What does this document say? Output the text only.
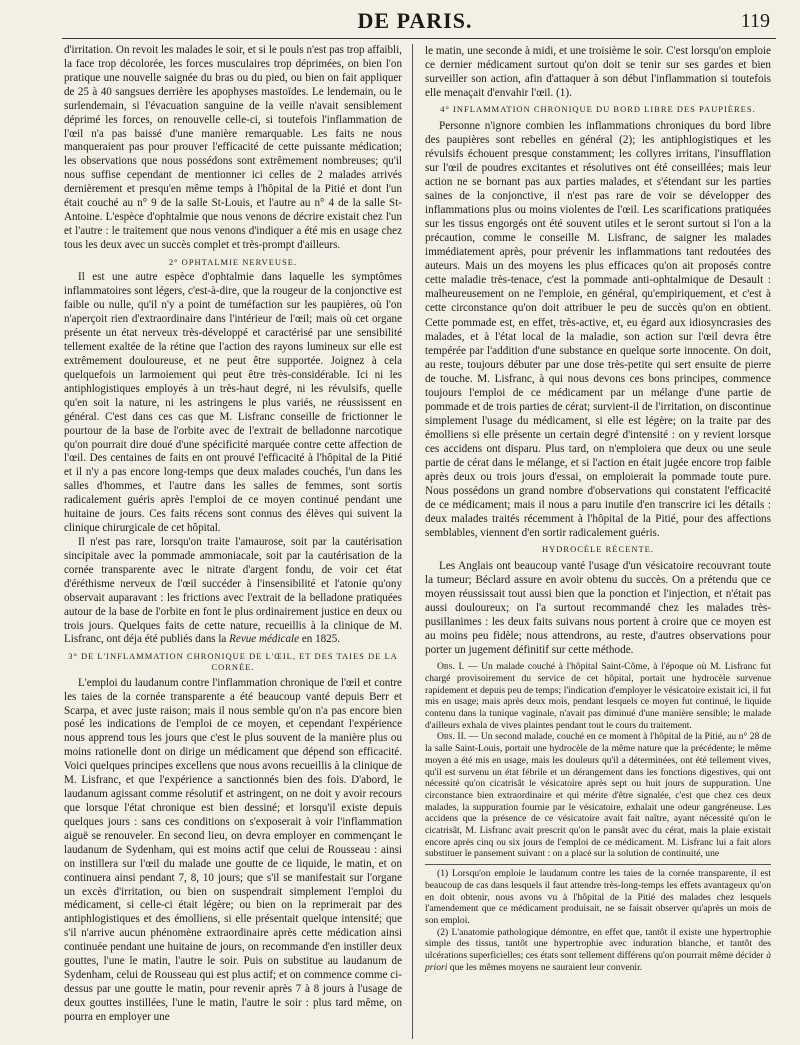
DE PARIS.	119

d'irritation. On revoit les malades le soir, et si le pouls n'est pas trop affaibli, la face trop décolorée, les forces musculaires trop déprimées, on bien l'on pratique une nouvelle saignée du bras ou du pied, ou bien on fait appliquer de 25 à 40 sangsues derrière les apophyses mastoïdes. Le lendemain, ou le surlendemain, si l'évacuation sanguine de la veille n'avait sensiblement déprimé les forces, on renouvelle celle-ci, si toutefois l'inflammation de l'œil n'a pas baissé d'une manière remarquable. Les faits ne nous manqueraient pas pour prouver l'efficacité de cette puissante médication; les observations que nous possédons sont extrêmement nombreuses; qu'il nous suffise cependant de mentionner ici celles de 2 malades arrivés dernièrement et presqu'en même temps à l'hôpital de la Pitié et dont l'un était couché au n° 9 de la salle St-Louis, et l'autre au n° 4 de la salle St-Antoine. L'espèce d'ophtalmie que nous venons de décrire existait chez l'un et l'autre : le traitement que nous venons d'indiquer a été mis en usage chez tous les deux avec un succès complet et très-prompt d'ailleurs.

2° OPHTALMIE NERVEUSE.

Il est une autre espèce d'ophtalmie dans laquelle les symptômes inflammatoires sont légers, c'est-à-dire, que la rougeur de la conjonctive est faible ou nulle, qu'il n'y a point de tuméfaction sur les paupières, où l'on n'aperçoit rien d'extraordinaire dans l'intérieur de l'œil; mais où cet organe présente un état nerveux très-développé et caractérisé par une sensibilité tellement exaltée de la rétine que l'action des rayons lumineux sur elle est extrêmement douloureuse, et ne peut être supportée. Joignez à cela quelquefois un larmoiement qui peut être très-considérable. Ici ni les antiphlogistiques employés à un très-haut degré, ni les révulsifs, quelle qu'en soit la nature, ni les astringens le plus variés, ne réussissent en général. C'est dans ces cas que M. Lisfranc conseille de frictionner le pourtour de la base de l'orbite avec de l'extrait de belladonne narcotique qu'on pourrait dire doué d'une spécificité marquée contre cette affection de l'œil. Des centaines de faits en ont prouvé l'efficacité à l'hôpital de la Pitié et il n'y a pas encore long-temps que deux malades couchés, l'un dans les salles d'hommes, et l'autre dans les salles de femmes, sont sortis radicalement guéris après l'emploi de ce moyen continué pendant une huitaine de jours. Ces faits récens sont connus des élèves qui suivent la clinique chirurgicale de cet hôpital.

Il n'est pas rare, lorsqu'on traite l'amaurose, soit par la cautérisation sincipitale avec la pommade ammoniacale, soit par la cautérisation de la cornée transparente avec le nitrate d'argent fondu, de voir cet état d'éréthisme nerveux de l'œil succéder à l'insensibilité et l'atonie qu'ony observait auparavant : les frictions avec l'extrait de la belladone pratiquées autour de la base de l'orbite en font le plus ordinairement justice en deux ou trois jours. Quelques faits de cette nature, recueillis à la clinique de M. Lisfranc, ont déja été publiés dans la Revue médicale en 1825.

3° DE L'INFLAMMATION CHRONIQUE DE L'ŒIL, ET DES TAIES DE LA CORNÉE.

L'emploi du laudanum contre l'inflammation chronique de l'œil et contre les taies de la cornée transparente a été beaucoup vanté depuis Berr et Scarpa, et avec juste raison; mais il nous semble qu'on n'a pas encore bien posé les indications de l'emploi de ce moyen, et cependant l'expérience nous apprend tous les jours que c'est le plus souvent de la manière plus ou moins rationelle dont on dirige un médicament que dépend son efficacité. Voici quelques principes excellens que nous avons recueillis à la clinique de M. Lisfranc, et que l'expérience a sanctionnés bien des fois. D'abord, le laudanum agissant comme résolutif et astringent, on ne doit y avoir recours que lorsque l'état chronique est bien dessiné; et lorsqu'il existe depuis quelques jours : sans ces conditions on s'exposerait à voir l'inflammation aiguë se renouveler. En second lieu, on devra employer en commençant le laudanum de Sydenham, qui est moins actif que celui de Rousseau : ainsi on instillera sur l'œil du malade une goutte de ce liquide, le matin, et on continuera ainsi pendant 7, 8, 10 jours; que s'il se manifestait sur l'organe un excès d'irritation, ou bien on suspendrait simplement l'emploi du médicament, si celle-ci était légère; ou bien on la reprimerait par des antiphlogistiques et des émolliens, si elle présentait quelque intensité; que s'il n'arrive aucun phénomène extraordinaire après cette médication ainsi continuée pendant une huitaine de jours, on recommande d'en instiller deux gouttes, l'une le matin, l'autre le soir. Puis on substitue au laudanum de Sydenham, celui de Rousseau qui est plus actif; et on commence comme ci-dessus par une goutte le matin, pour revenir après 7 à 8 jours à l'usage de deux gouttes instillées, l'une le matin, l'autre le soir : plus tard même, on pourra en employer une

le matin, une seconde à midi, et une troisième le soir. C'est lorsqu'on emploie ce dernier médicament surtout qu'on doit se tenir sur ses gardes et bien surveiller son action, afin d'attaquer à son début l'inflammation si toutefois elle menaçait d'envahir l'œil. (1).

4° INFLAMMATION CHRONIQUE DU BORD LIBRE DES PAUPIÈRES.

Personne n'ignore combien les inflammations chroniques du bord libre des paupières sont rebelles en général (2); les antiphlogistiques et les révulsifs échouent presque constamment; les collyres irritans, l'insufflation sur l'œil de poudres excitantes et résolutives ont été conseillées; mais leur action ne se bornant pas aux parties malades, et s'étendant sur les parties saines de la conjonctive, il n'est pas rare de voir se développer des inflammations plus ou moins violentes de l'œil. Les scarifications pratiquées sur les tissus engorgés ont été souvent utiles et le seront surtout si l'on a la précaution, comme le conseille M. Lisfranc, de saigner les malades immédiatement après, pour prévenir les inflammations tant redoutées des auteurs. Mais un des moyens les plus efficaces qu'on ait proposés contre cette maladie très-tenace, c'est la pommade anti-ophtalmique de Desault : malheureusement on ne l'emploie, en général, qu'empiriquement, et c'est à cette circonstance qu'on doit attribuer le peu de succès qu'on en obtient. Cette pommade est, en effet, très-active, et, eu égard aux idiosyncrasies des malades, et à l'état local de la maladie, son action sur l'œil devra être tempérée par l'addition d'une substance en quelque sorte innocente. On doit, au reste, toujours débuter par une dose très-petite qui sert ensuite de pierre de touche. M. Lisfranc, à qui nous devons ces bons principes, commence toujours l'emploi de ce médicament par un mélange d'une partie de pommade et de trois parties de cérat; survient-il de l'irritation, on discontinue simplement l'usage du médicament, si elle est légère; on la traite par des émolliens si elle présente un certain degré d'intensité : on y revient lorsque ces accidens ont disparu. Plus tard, on n'emploiera que deux ou une seule partie de cérat dans le mélange, et si l'action en était jugée encore trop faible après deux ou trois jours d'essai, on emploierait la pommade toute pure. Nous possédons un grand nombre d'observations qui constatent l'efficacité de ce médicament; mais il nous a paru inutile d'en transcrire ici les détails : deux malades traités récemment à l'hôpital de la Pitié, pour des affections semblables, viennent d'en sortir radicalement guéris.

HYDROCÈLE RÉCENTE.

Les Anglais ont beaucoup vanté l'usage d'un vésicatoire recouvrant toute la tumeur; Béclard assure en avoir obtenu du succès. On a prétendu que ce moyen réussissait tout aussi bien que la ponction et l'injection, et n'était pas aussi douloureux; on l'a surtout recommandé chez les malades très-pusillanimes : les deux faits suivans nous portent à croire que ce moyen est au moins peu fidèle; nous attendrons, au reste, d'autres observations pour porter un jugement définitif sur cette méthode.

Obs. I. — Un malade couché à l'hôpital Saint-Côme, à l'époque où M. Lisfranc fut chargé provisoirement du service de cet hôpital, portait une hydrocèle survenue rapidement et depuis peu de temps; l'indication d'employer le vésicatoire existait ici, il fut mis en usage; mais après deux mois, pendant lesquels ce moyen fut continué, le liquide contenu dans la tunique vaginale, n'avait pas diminué d'une manière sensible; le malade d'ailleurs exhala de vives plaintes pendant tout le cours du traitement.

Obs. II. — Un second malade, couché en ce moment à l'hôpital de la Pitié, au n° 28 de la salle Saint-Louis, portait une hydrocèle de la même nature que la précédente; le même moyen a été mis en usage, mais les douleurs qu'il a déterminées, ont été tellement vives, qu'il est survenu un état fébrile et un dérangement dans les fonctions digestives, qui ont nécessité qu'on cicatrisât le vésicatoire après sept ou huit jours de suppuration. Une circonstance bien extraordinaire et qui mérite d'être signalée, c'est que chez ces deux malades, la suppuration fournie par le vésicatoire, exhalait une odeur gangréneuse. Les accidens que la présence de ce vésicatoire avait fait naître, ayant nécessité qu'on le cicatrisât, M. Lisfranc avait prescrit qu'on le pansât avec du cérat, mais la plaie existait encore après cinq ou six jours de l'emploi de ce médicament. M. Lisfranc lui a fait alors substituer le pansement suivant : on a placé sur la solution de continuité, une

(1) Lorsqu'on emploie le laudanum contre les taies de la cornée transparente, il est beaucoup de cas dans lesquels il faut attendre très-long-temps les effets avantageux qu'on en doit obtenir, nous avons vu à l'hôpital de la Pitié des malades chez lesquels l'amendement que ce médicament produisait, ne se faisait observer qu'après un mois de son emploi.

(2) L'anatomie pathologique démontre, en effet que, tantôt il existe une hypertrophie simple des tissus, tantôt une hypertrophie avec induration blanche, et tantôt des ulcérations superficielles; ces états sont tellement différens qu'on pourrait même décider à priori que les mêmes moyens ne sauraient leur convenir.
